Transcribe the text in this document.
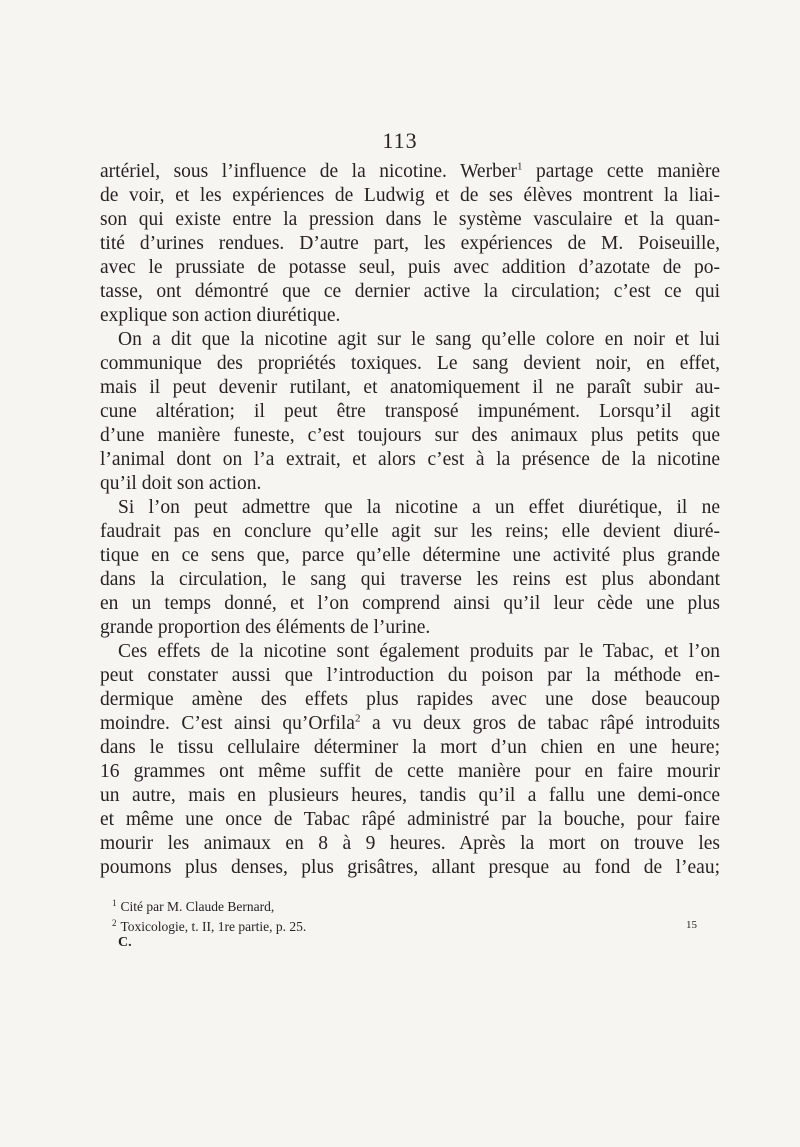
113

artériel, sous l’influence de la nicotine. Werber$^1$ partage cette manière
de voir, et les expériences de Ludwig et de ses élèves montrent la liai-
son qui existe entre la pression dans le système vasculaire et la quan-
tité d’urines rendues. D’autre part, les expériences de M. Poiseuille,
avec le prussiate de potasse seul, puis avec addition d’azotate de po-
tasse, ont démontré que ce dernier active la circulation; c’est ce qui
explique son action diurétique.

On a dit que la nicotine agit sur le sang qu’elle colore en noir et lui
communique des propriétés toxiques. Le sang devient noir, en effet,
mais il peut devenir rutilant, et anatomiquement il ne paraît subir au-
cune altération; il peut être transposé impunément. Lorsqu’il agit
d’une manière funeste, c’est toujours sur des animaux plus petits que
l’animal dont on l’a extrait, et alors c’est à la présence de la nicotine
qu’il doit son action.

Si l’on peut admettre que la nicotine a un effet diurétique, il ne
faudrait pas en conclure qu’elle agit sur les reins; elle devient diuré-
tique en ce sens que, parce qu’elle détermine une activité plus grande
dans la circulation, le sang qui traverse les reins est plus abondant
en un temps donné, et l’on comprend ainsi qu’il leur cède une plus
grande proportion des éléments de l’urine.

Ces effets de la nicotine sont également produits par le Tabac, et l’on
peut constater aussi que l’introduction du poison par la méthode en-
dermique amène des effets plus rapides avec une dose beaucoup
moindre. C’est ainsi qu’Orfila$^2$ a vu deux gros de tabac râpé introduits
dans le tissu cellulaire déterminer la mort d’un chien en une heure;
16 grammes ont même suffit de cette manière pour en faire mourir
un autre, mais en plusieurs heures, tandis qu’il a fallu une demi-once
et même une once de Tabac râpé administré par la bouche, pour faire
mourir les animaux en 8 à 9 heures. Après la mort on trouve les
poumons plus denses, plus grisâtres, allant presque au fond de l’eau;

$^1$ Cité par M. Claude Bernard,
$^2$ Toxicologie, t. II, 1re partie, p. 25.
C.
15
